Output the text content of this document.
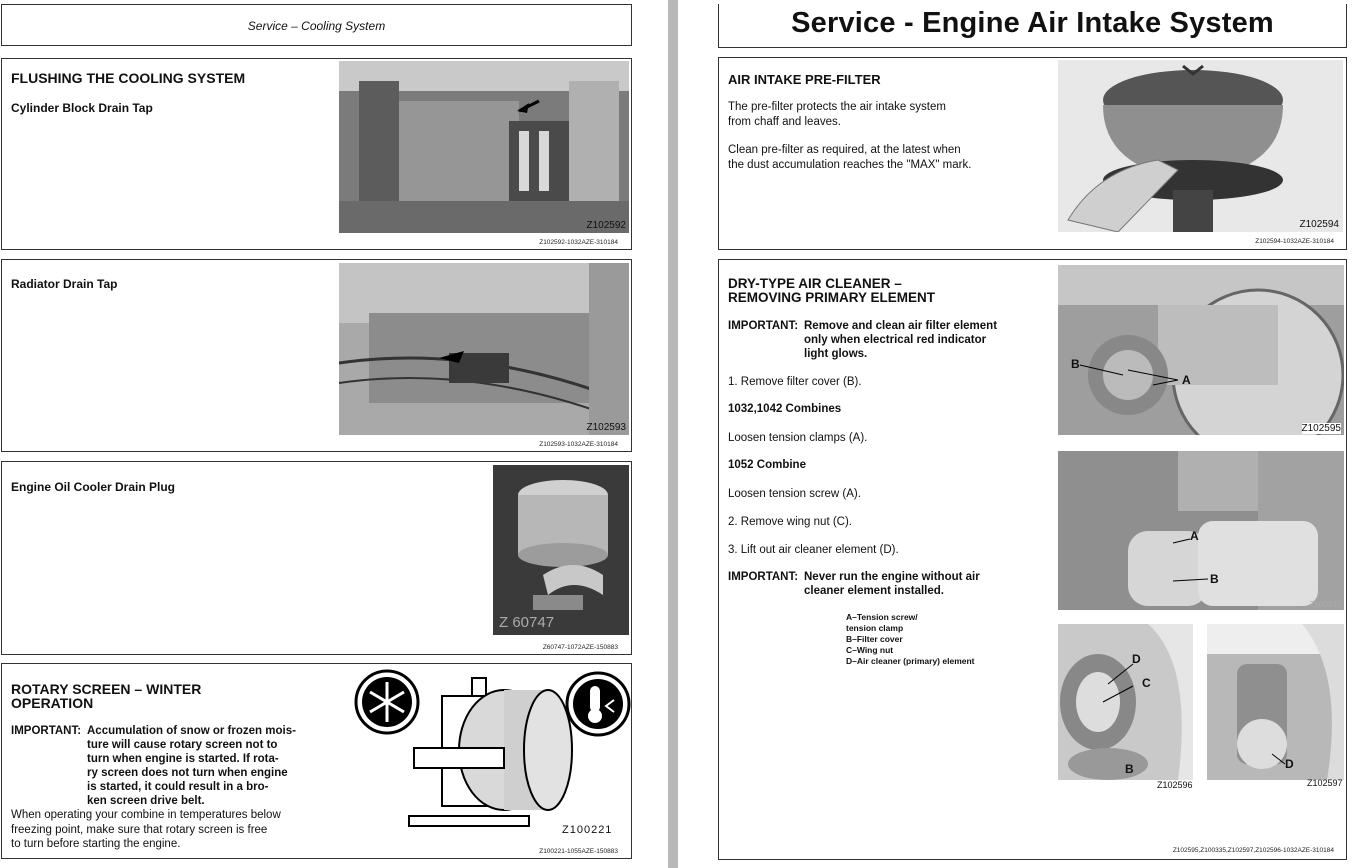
Service – Cooling System
FLUSHING THE COOLING SYSTEM
Cylinder Block Drain Tap
Z102592
Z102592-1032AZE-310184
Radiator Drain Tap
Z102593
Z102593-1032AZE-310184
Engine Oil Cooler Drain Plug
Z 60747
Z60747-1072AZE-150883
ROTARY SCREEN – WINTER
OPERATION
IMPORTANT: Accumulation of snow or frozen mois-
ture will cause rotary screen not to
turn when engine is started. If rota-
ry screen does not turn when engine
is started, it could result in a bro-
ken screen drive belt.
When operating your combine in temperatures below
freezing point, make sure that rotary screen is free
to turn before starting the engine.
Z100221
Z100221-1055AZE-150883
Service - Engine Air Intake System
AIR INTAKE PRE-FILTER
The pre-filter protects the air intake system
from chaff and leaves.
Clean pre-filter as required, at the latest when
the dust accumulation reaches the "MAX" mark.
Z102594
Z102594-1032AZE-310184
DRY-TYPE AIR CLEANER –
REMOVING PRIMARY ELEMENT
IMPORTANT: Remove and clean air filter element
only when electrical red indicator
light glows.
1. Remove filter cover (B).
1032,1042 Combines
Loosen tension clamps (A).
1052 Combine
Loosen tension screw (A).
2. Remove wing nut (C).
3. Lift out air cleaner element (D).
IMPORTANT: Never run the engine without air
cleaner element installed.
A–Tension screw/
tension clamp
B–Filter cover
C–Wing nut
D–Air cleaner (primary) element
B
A
Z102595
A
B
Z100335
D
C
B
Z102596
D
Z102597
Z102595,Z100335,Z102597,Z102596-1032AZE-310184
